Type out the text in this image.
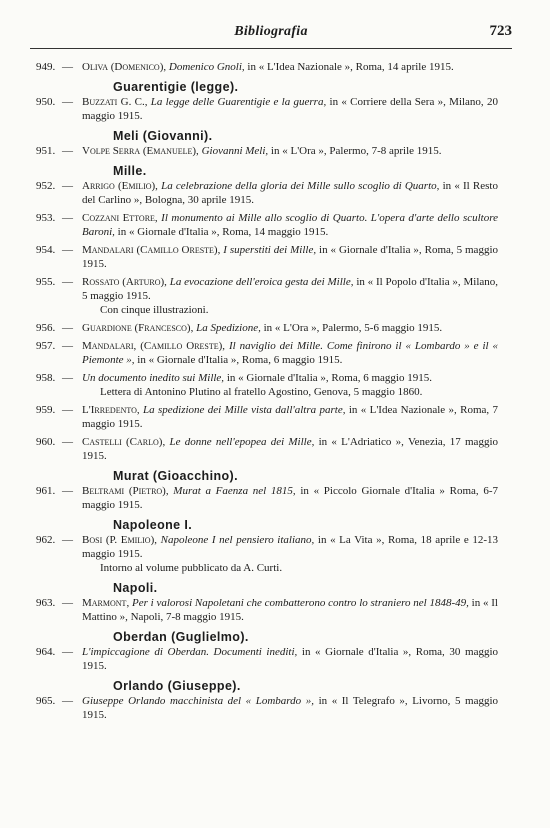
Bibliografia	723
949. — Oliva (Domenico), Domenico Gnoli, in « L'Idea Nazionale », Roma, 14 aprile 1915.
Guarentigie (legge).
950. — Buzzati G. C., La legge delle Guarentigie e la guerra, in « Corriere della Sera », Milano, 20 maggio 1915.
Meli (Giovanni).
951. — Volpe Serra (Emanuele), Giovanni Meli, in « L'Ora », Palermo, 7-8 aprile 1915.
Mille.
952. — Arrigo (Emilio), La celebrazione della gloria dei Mille sullo scoglio di Quarto, in « Il Resto del Carlino », Bologna, 30 aprile 1915.
953. — Cozzani Ettore, Il monumento ai Mille allo scoglio di Quarto. L'opera d'arte dello scultore Baroni, in « Giornale d'Italia », Roma, 14 maggio 1915.
954. — Mandalari (Camillo Oreste), I superstiti dei Mille, in « Giornale d'Italia », Roma, 5 maggio 1915.
955. — Rossato (Arturo), La evocazione dell'eroica gesta dei Mille, in « Il Popolo d'Italia », Milano, 5 maggio 1915.
Con cinque illustrazioni.
956. — Guardione (Francesco), La Spedizione, in « L'Ora », Palermo, 5-6 maggio 1915.
957. — Mandalari, (Camillo Oreste), Il naviglio dei Mille. Come finirono il « Lombardo » e il « Piemonte », in « Giornale d'Italia », Roma, 6 maggio 1915.
958. — Un documento inedito sui Mille, in « Giornale d'Italia », Roma, 6 maggio 1915.
Lettera di Antonino Plutino al fratello Agostino, Genova, 5 maggio 1860.
959. — L'Irredento, La spedizione dei Mille vista dall'altra parte, in « L'Idea Nazionale », Roma, 7 maggio 1915.
960. — Castelli (Carlo), Le donne nell'epopea dei Mille, in « L'Adriatico », Venezia, 17 maggio 1915.
Murat (Gioacchino).
961. — Beltrami (Pietro), Murat a Faenza nel 1815, in « Piccolo Giornale d'Italia » Roma, 6-7 maggio 1915.
Napoleone I.
962. — Bosi (P. Emilio), Napoleone I nel pensiero italiano, in « La Vita », Roma, 18 aprile e 12-13 maggio 1915.
Intorno al volume pubblicato da A. Curti.
Napoli.
963. — Marmont, Per i valorosi Napoletani che combatterono contro lo straniero nel 1848-49, in « Il Mattino », Napoli, 7-8 maggio 1915.
Oberdan (Guglielmo).
964. — L'impiccagione di Oberdan. Documenti inediti, in « Giornale d'Italia », Roma, 30 maggio 1915.
Orlando (Giuseppe).
965. — Giuseppe Orlando macchinista del « Lombardo », in « Il Telegrafo », Livorno, 5 maggio 1915.
